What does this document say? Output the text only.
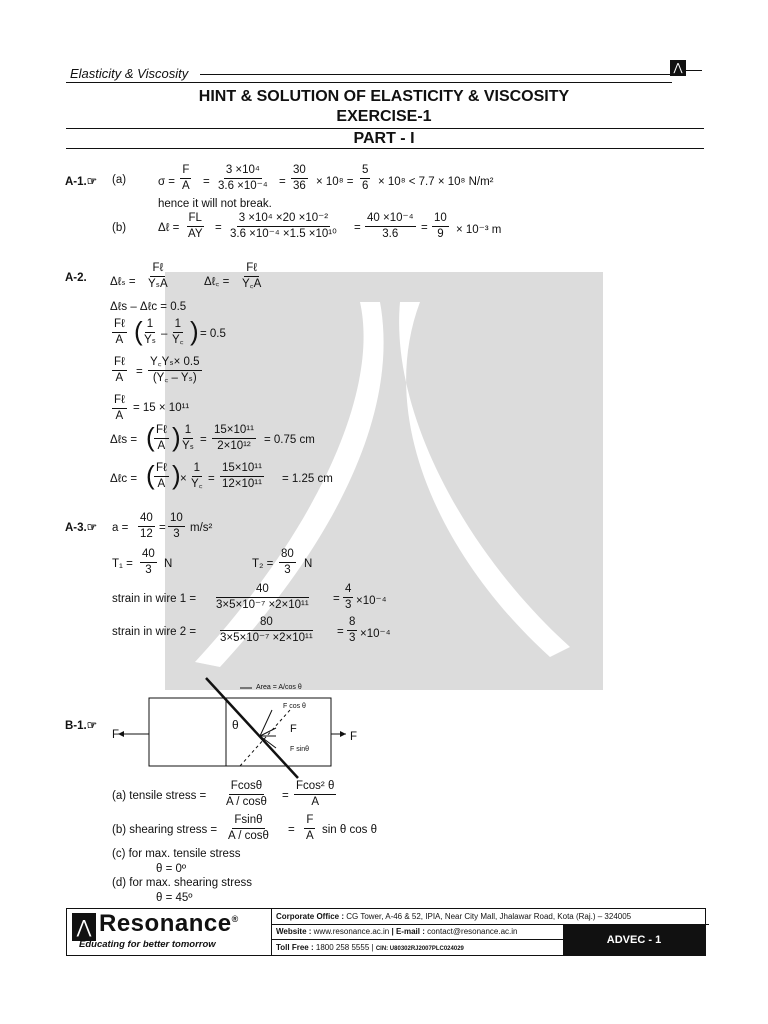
Elasticity & Viscosity	⋀
HINT & SOLUTION OF ELASTICITY & VISCOSITY
EXERCISE-1
PART - I
A-1.☞ (a)	$\sigma = \frac{F}{A} = \frac{\text{3 ×10⁴}}{\text{3.6 ×10⁻⁴}} = \frac{30}{36} \times 10^8 = \frac{5}{6} \times 10^8 < 7.7 \times 10^8$ N/m²
hence it will not break.
(b)	Δℓ = $\frac{FL}{AY} = \frac{\text{3 ×10⁴ ×20 ×10⁻²}}{\text{3.6 ×10⁻⁴ ×1.5 ×10¹⁰}} = \frac{\text{40 ×10⁻⁴}}{3.6} = \frac{10}{9} \times 10^{-3}$ m
A-2. Δℓₛ =
Fℓ
YₛA	Δℓ꜀ =
Fℓ
Y꜀A
Δℓs – Δℓc = 0.5
Fℓ
A ( $\frac{1}{\text{Yₛ}} - \frac{1}{Y꜀}$ ) = 0.5
Fℓ
$A = \frac{\text{Y꜀Yₛ× 0.5}}{\text{(Y꜀ – Yₛ)}}$
Fℓ
A
= 15 × 10¹¹
Δℓs = ( Fℓ
A ) $\frac{1}{\text{Yₛ}} = \frac{\text{15×10¹¹}}{\text{2×10¹²}} = 0.75$ cm
Δℓc = ( Fℓ
A ) × $\frac{1}{Y꜀} = \frac{\text{15×10¹¹}}{\text{12×10¹¹}} = 1.25$ cm
A-3.☞ $a = \frac{40}{12} = \frac{10}{3} m/s^2$
$T_1 = \frac{40}{3}$ N	$T_2 = \frac{80}{3}$ N
strain in wire $1 = \frac{40}{\text{3×5×10⁻⁷ ×2×10¹¹}} = \frac{4}{3} \times 10^{-4}$
strain in wire $2 = \frac{80}{\text{3×5×10⁻⁷ ×2×10¹¹}} = \frac{8}{3} \times 10^{-4}$
B-1.☞
Area = A/cos θ
F cos θ
F
F sinθ
θ
F	F
(a) tensile stress = $\frac{Fcos\theta}{A / \cos\theta} = \frac{\text{Fcos² θ}}{A}$
(b) shearing stress = $\frac{Fsin\theta}{A / \cos\theta} = \frac{F}{A}$ sin θ cos θ
(c) for max. tensile stress
θ = 0º
(d) for max. shearing stress
θ = 45º
⋀ Resonance®
Educating for better tomorrow
Corporate Office : CG Tower, A-46 & 52, IPIA, Near City Mall, Jhalawar Road, Kota (Raj.) – 324005
Website : www.resonance.ac.in | E-mail : contact@resonance.ac.in
Toll Free : 1800 258 5555 | CIN: U80302RJ2007PLC024029
ADVEC - 1
